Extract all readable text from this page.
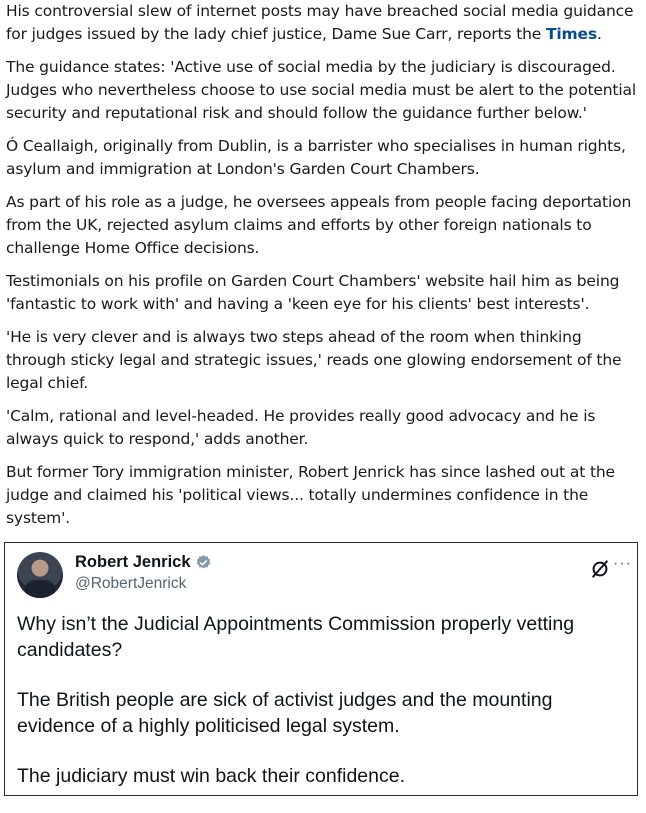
His controversial slew of internet posts may have breached social media guidance for judges issued by the lady chief justice, Dame Sue Carr, reports the Times.

The guidance states: 'Active use of social media by the judiciary is discouraged. Judges who nevertheless choose to use social media must be alert to the potential security and reputational risk and should follow the guidance further below.'

Ó Ceallaigh, originally from Dublin, is a barrister who specialises in human rights, asylum and immigration at London's Garden Court Chambers.

As part of his role as a judge, he oversees appeals from people facing deportation from the UK, rejected asylum claims and efforts by other foreign nationals to challenge Home Office decisions.

Testimonials on his profile on Garden Court Chambers' website hail him as being 'fantastic to work with' and having a 'keen eye for his clients' best interests'.

'He is very clever and is always two steps ahead of the room when thinking through sticky legal and strategic issues,' reads one glowing endorsement of the legal chief.

'Calm, rational and level-headed. He provides really good advocacy and he is always quick to respond,' adds another.

But former Tory immigration minister, Robert Jenrick has since lashed out at the judge and claimed his 'political views... totally undermines confidence in the system'.

Robert Jenrick
@RobertJenrick
···

Why isn’t the Judicial Appointments Commission properly vetting candidates?

The British people are sick of activist judges and the mounting evidence of a highly politicised legal system.

The judiciary must win back their confidence.
